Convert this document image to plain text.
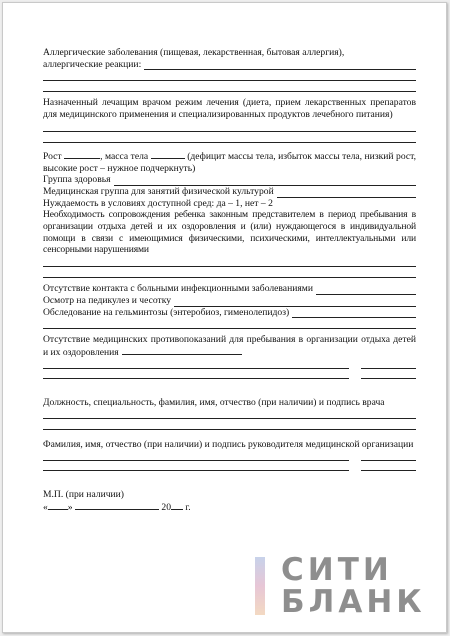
Аллергические заболевания (пищевая, лекарственная, бытовая аллергия),
аллергические реакции:
Назначенный лечащим врачом режим лечения (диета, прием лекарственных препаратов для медицинского применения и специализированных продуктов лечебного питания)
Рост	, масса тела	(дефицит массы тела, избыток массы тела, низкий рост, высокие рост – нужное подчеркнуть)
Группа здоровья
Медицинская группа для занятий физической культурой
Нуждаемость в условиях доступной сред: да – 1, нет – 2
Необходимость сопровождения ребенка законным представителем в период пребывания в организации отдыха детей и их оздоровления и (или) нуждающегося в индивидуальной помощи в связи с имеющимися физическими, психическими, интеллектуальными или сенсорными нарушениями
Отсутствие контакта с больными инфекционными заболеваниями
Осмотр на педикулез и чесотку
Обследование на гельминтозы (энтеробиоз, гименолепидоз)
Отсутствие медицинских противопоказаний для пребывания в организации отдыха детей и их оздоровления
Должность, специальность, фамилия, имя, отчество (при наличии) и подпись врача
Фамилия, имя, отчество (при наличии) и подпись руководителя медицинской организации
М.П. (при наличии)
« »	20 г.
СИТИ
БЛАНК
